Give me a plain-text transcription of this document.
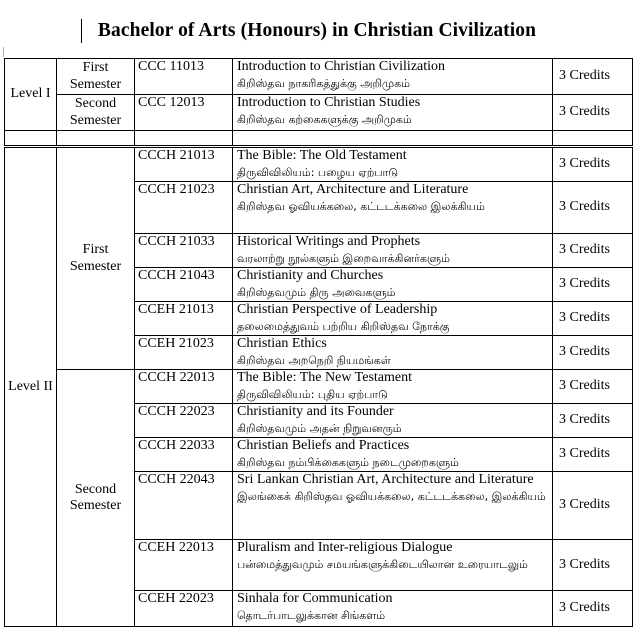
Bachelor of Arts (Honours) in Christian Civilization
Level I	First Semester	CCC 11013	Introduction to Christian Civilization
கிறிஸ்தவ நாகரிகத்துக்கு அறிமுகம்	3 Credits
	Second Semester	CCC 12013	Introduction to Christian Studies
கிறிஸ்தவ கற்கைகளுக்கு அறிமுகம்	3 Credits

Level II	First Semester	CCCH 21013	The Bible: The Old Testament
திருவிவிலியம்: பழைய ஏற்பாடு	3 Credits
		CCCH 21023	Christian Art, Architecture and Literature
கிறிஸ்தவ ஓவியக்கலை, கட்டடக்கலை இலக்கியம்	3 Credits
		CCCH 21033	Historical Writings and Prophets
வரலாற்று நூல்களும் இறைவாக்கினர்களும்	3 Credits
		CCCH 21043	Christianity and Churches
கிறிஸ்தவமும் திரு அவைகளும்	3 Credits
		CCEH 21013	Christian Perspective of Leadership
தலைமைத்துவம் பற்றிய கிறிஸ்தவ நோக்கு	3 Credits
		CCEH 21023	Christian Ethics
கிறிஸ்தவ அறநெறி நியமங்கள்	3 Credits
	Second Semester	CCCH 22013	The Bible: The New Testament
திருவிவிலியம்: புதிய ஏற்பாடு	3 Credits
		CCCH 22023	Christianity and its Founder
கிறிஸ்தவமும் அதன் நிறுவனரும்	3 Credits
		CCCH 22033	Christian Beliefs and Practices
கிறிஸ்தவ நம்பிக்கைகளும் நடைமுறைகளும்	3 Credits
		CCCH 22043	Sri Lankan Christian Art, Architecture and Literature
இலங்கைக் கிறிஸ்தவ ஓவியக்கலை, கட்டடக்கலை, இலக்கியம்	3 Credits
		CCEH 22013	Pluralism and Inter-religious Dialogue
பன்மைத்துவமும் சமயங்களுக்கிடையிலான உரையாடலும்	3 Credits
		CCEH 22023	Sinhala for Communication
தொடர்பாடலுக்கான சிங்களம்	3 Credits
